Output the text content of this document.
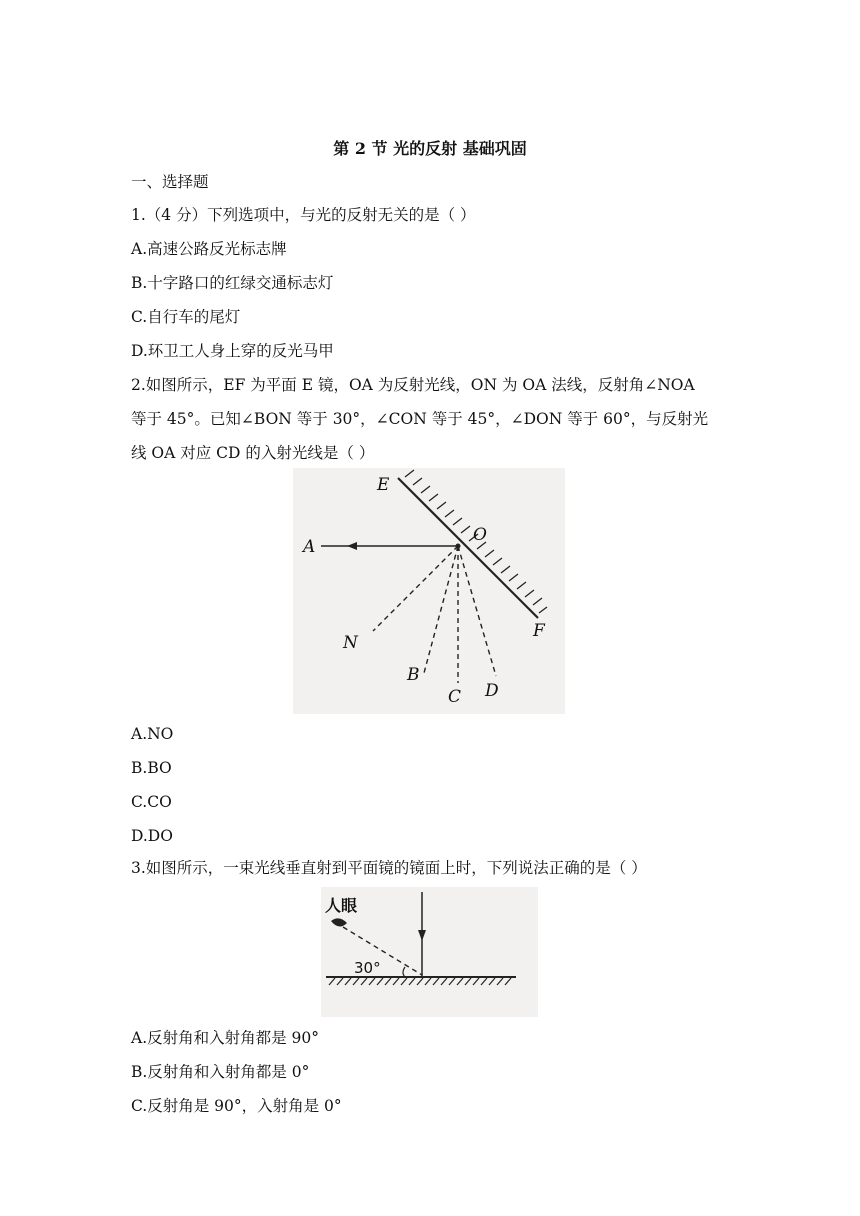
第 2 节 光的反射 基础巩固
一、选择题
1.（4 分）下列选项中，与光的反射无关的是（ ）
A.高速公路反光标志牌
B.十字路口的红绿交通标志灯
C.自行车的尾灯
D.环卫工人身上穿的反光马甲
2.如图所示，EF 为平面 E 镜，OA 为反射光线，ON 为 OA 法线，反射角∠NOA
等于 45°。已知∠BON 等于 30°，∠CON 等于 45°，∠DON 等于 60°，与反射光
线 OA 对应 CD 的入射光线是（ ）
E
O
A
F
N
B
C D
A.NO
B.BO
C.CO
D.DO
3.如图所示，一束光线垂直射到平面镜的镜面上时，下列说法正确的是（ ）
人眼
30°
A.反射角和入射角都是 90°
B.反射角和入射角都是 0°
C.反射角是 90°，入射角是 0°
